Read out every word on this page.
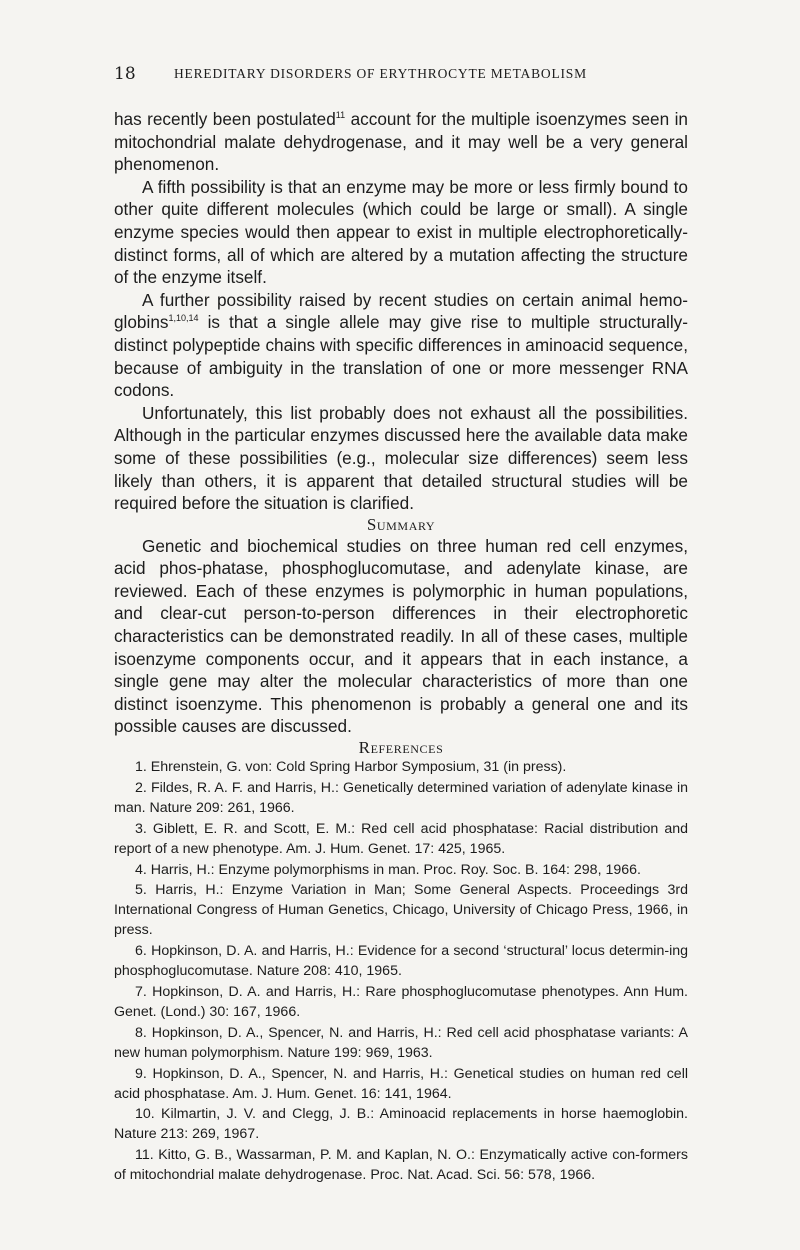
18	HEREDITARY DISORDERS OF ERYTHROCYTE METABOLISM

has recently been postulated$^{11}$ account for the multiple isoenzymes seen in mitochondrial malate dehydrogenase, and it may well be a very general phenomenon.

A fifth possibility is that an enzyme may be more or less firmly bound to other quite different molecules (which could be large or small). A single enzyme species would then appear to exist in multiple electrophoretically-distinct forms, all of which are altered by a mutation affecting the structure of the enzyme itself.

A further possibility raised by recent studies on certain animal hemo-globins$^{1,10,14}$ is that a single allele may give rise to multiple structurally-distinct polypeptide chains with specific differences in aminoacid sequence, because of ambiguity in the translation of one or more messenger RNA codons.

Unfortunately, this list probably does not exhaust all the possibilities. Although in the particular enzymes discussed here the available data make some of these possibilities (e.g., molecular size differences) seem less likely than others, it is apparent that detailed structural studies will be required before the situation is clarified.

Summary

Genetic and biochemical studies on three human red cell enzymes, acid phos-phatase, phosphoglucomutase, and adenylate kinase, are reviewed. Each of these enzymes is polymorphic in human populations, and clear-cut person-to-person differences in their electrophoretic characteristics can be demonstrated readily. In all of these cases, multiple isoenzyme components occur, and it appears that in each instance, a single gene may alter the molecular characteristics of more than one distinct isoenzyme. This phenomenon is probably a general one and its possible causes are discussed.

References
1. Ehrenstein, G. von: Cold Spring Harbor Symposium, 31 (in press).
2. Fildes, R. A. F. and Harris, H.: Genetically determined variation of adenylate kinase in man. Nature 209: 261, 1966.
3. Giblett, E. R. and Scott, E. M.: Red cell acid phosphatase: Racial distribution and report of a new phenotype. Am. J. Hum. Genet. 17: 425, 1965.
4. Harris, H.: Enzyme polymorphisms in man. Proc. Roy. Soc. B. 164: 298, 1966.
5. Harris, H.: Enzyme Variation in Man; Some General Aspects. Proceedings 3rd International Congress of Human Genetics, Chicago, University of Chicago Press, 1966, in press.
6. Hopkinson, D. A. and Harris, H.: Evidence for a second ‘structural’ locus determin-ing phosphoglucomutase. Nature 208: 410, 1965.
7. Hopkinson, D. A. and Harris, H.: Rare phosphoglucomutase phenotypes. Ann Hum. Genet. (Lond.) 30: 167, 1966.
8. Hopkinson, D. A., Spencer, N. and Harris, H.: Red cell acid phosphatase variants: A new human polymorphism. Nature 199: 969, 1963.
9. Hopkinson, D. A., Spencer, N. and Harris, H.: Genetical studies on human red cell acid phosphatase. Am. J. Hum. Genet. 16: 141, 1964.
10. Kilmartin, J. V. and Clegg, J. B.: Aminoacid replacements in horse haemoglobin. Nature 213: 269, 1967.
11. Kitto, G. B., Wassarman, P. M. and Kaplan, N. O.: Enzymatically active con-formers of mitochondrial malate dehydrogenase. Proc. Nat. Acad. Sci. 56: 578, 1966.
